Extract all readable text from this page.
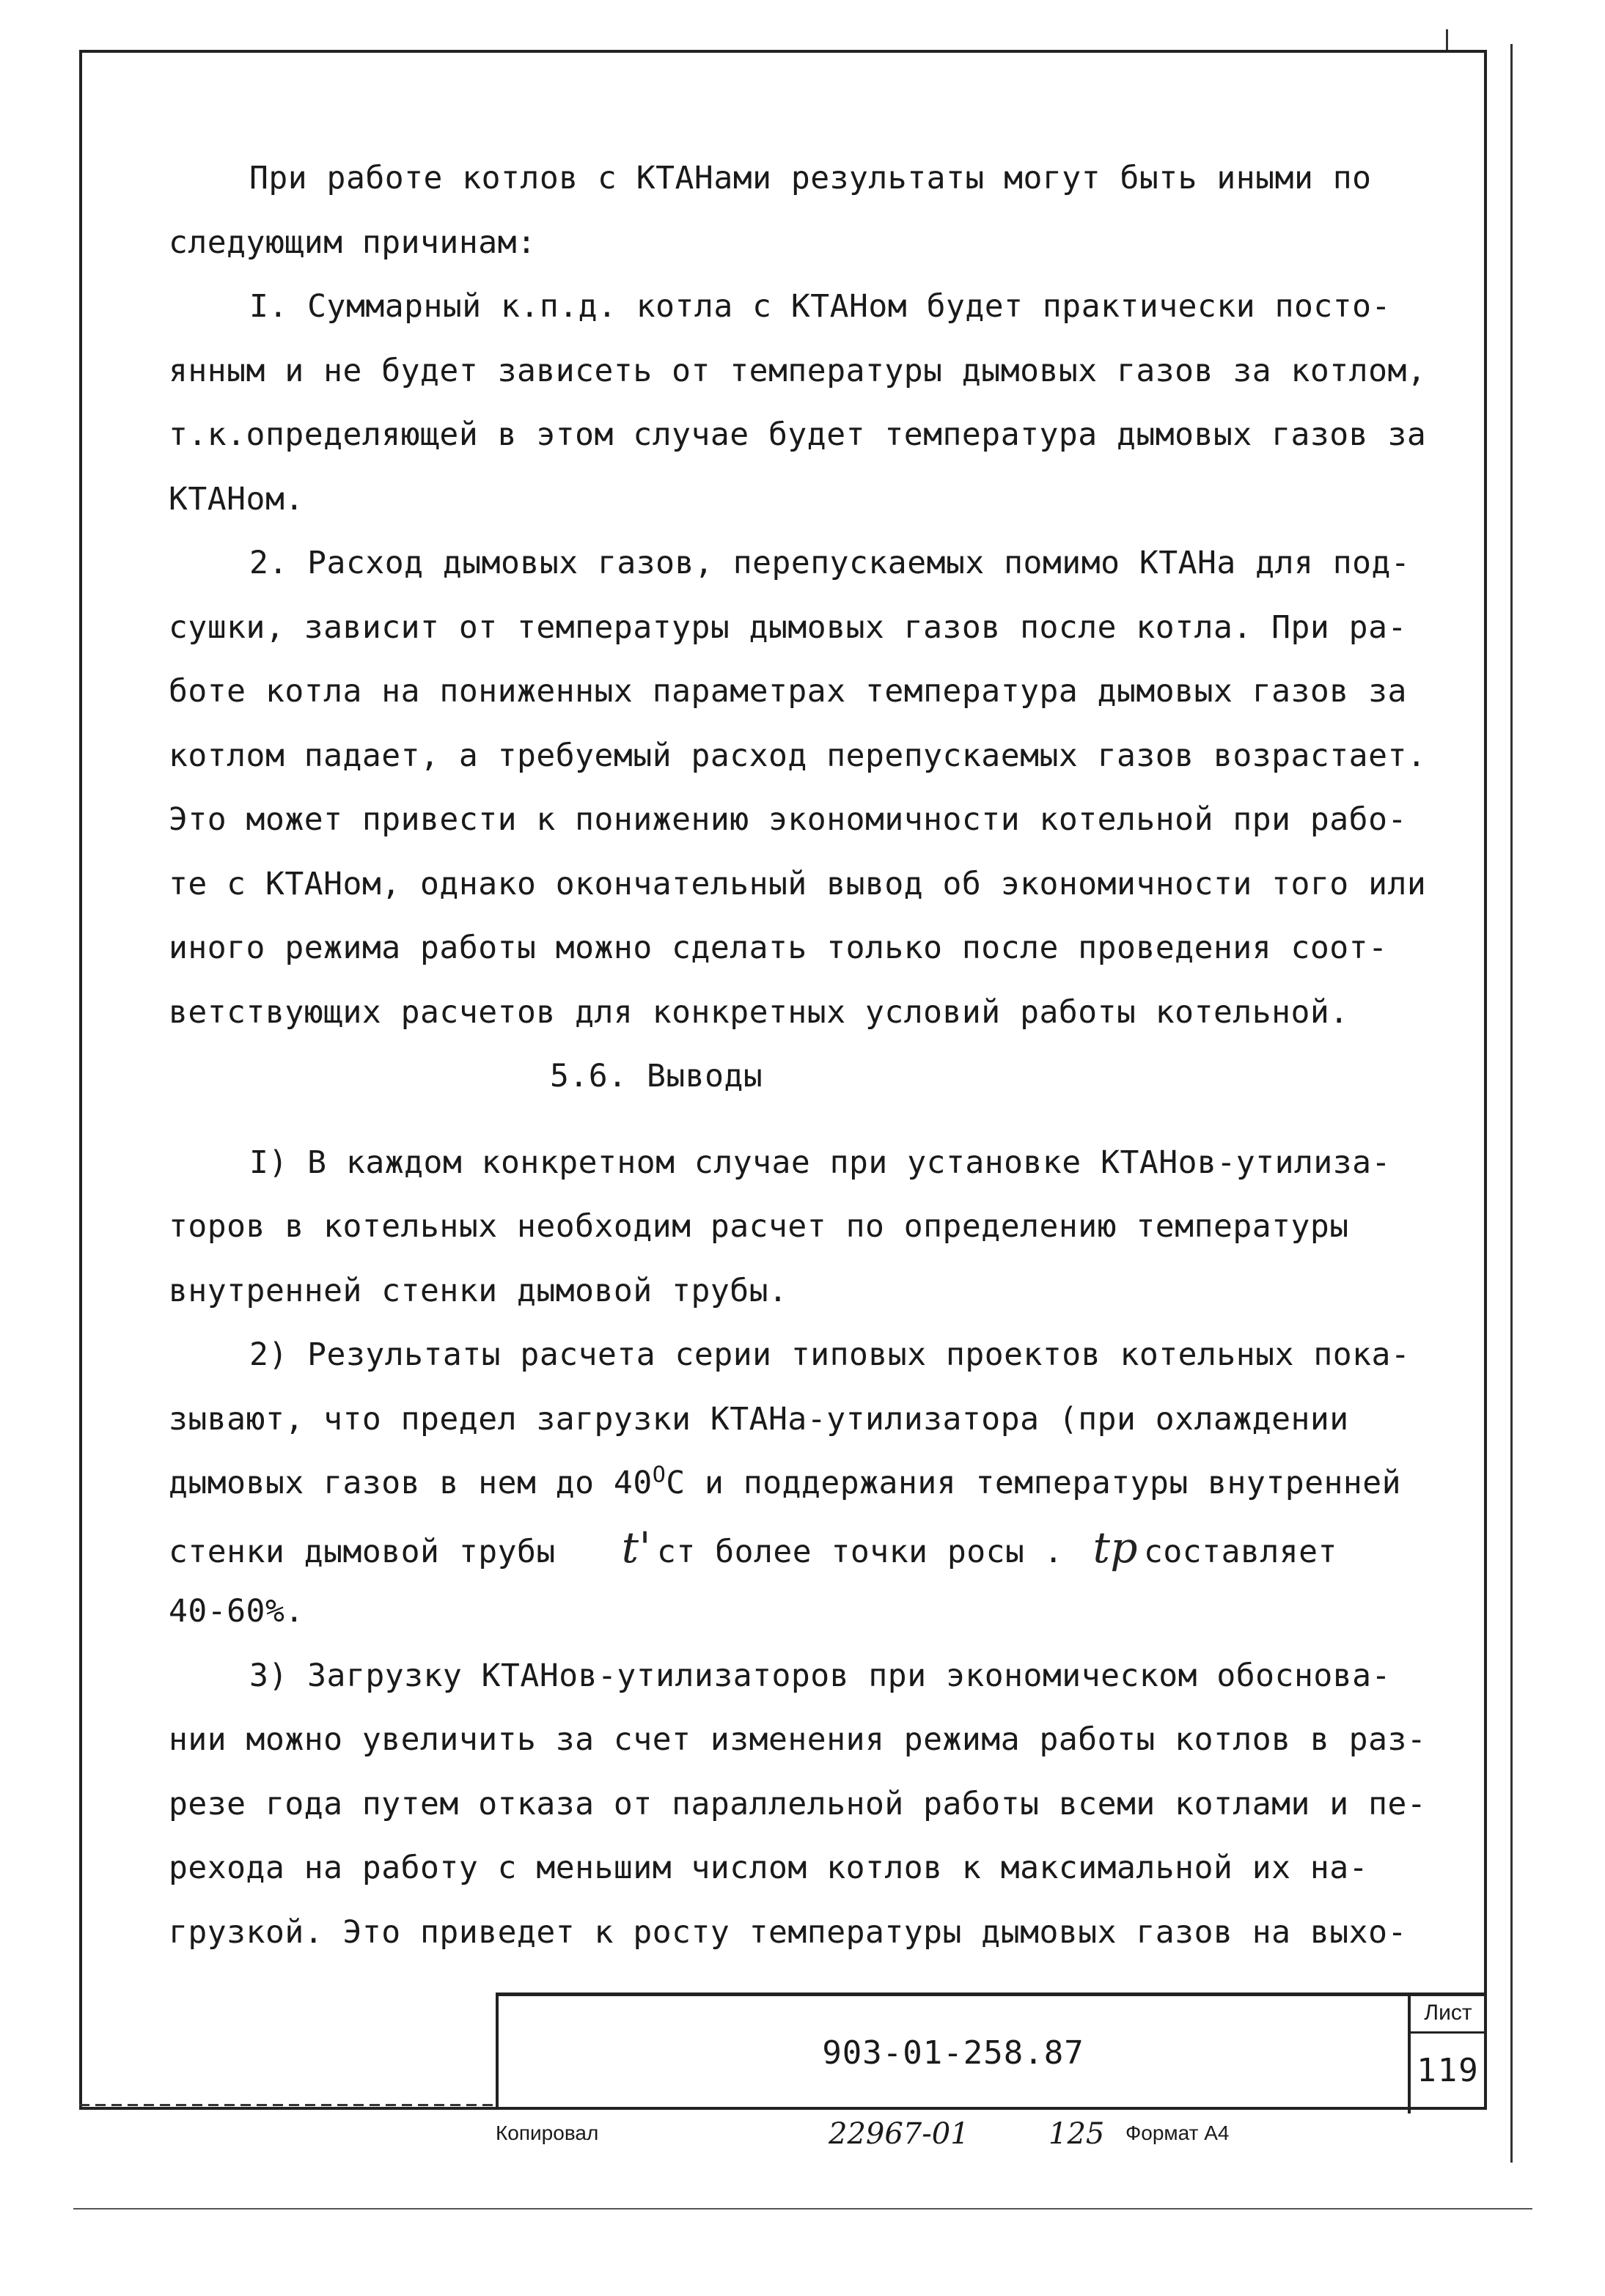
При работе котлов с КТАНами результаты могут быть иными по
следующим причинам:
I. Суммарный к.п.д. котла с КТАНом будет практически посто-
янным и не будет зависеть от температуры дымовых газов за котлом,
т.к.определяющей в этом случае будет температура дымовых газов за
КТАНом.
2. Расход дымовых газов, перепускаемых помимо КТАНа для под-
сушки, зависит от температуры дымовых газов после котла. При ра-
боте котла на пониженных параметрах температура дымовых газов за
котлом падает, а требуемый расход перепускаемых газов возрастает.
Это может привести к понижению экономичности котельной при рабо-
те с КТАНом, однако окончательный вывод об экономичности того или
иного режима работы можно сделать только после проведения соот-
ветствующих расчетов для конкретных условий работы котельной.
5.6. Выводы
I) В каждом конкретном случае при установке КТАНов-утилиза-
торов в котельных необходим расчет по определению температуры
внутренней стенки дымовой трубы.
2) Результаты расчета серии типовых проектов котельных пока-
зывают, что предел загрузки КТАНа-утилизатора (при охлаждении
дымовых газов в нем до $40^OС$ и поддержания температуры внутренней
стенки дымовой трубы t' ст более точки росы . tp составляет
40-60%.
3) Загрузку КТАНов-утилизаторов при экономическом обоснова-
нии можно увеличить за счет изменения режима работы котлов в раз-
резе года путем отказа от параллельной работы всеми котлами и пе-
рехода на работу с меньшим числом котлов к максимальной их на-
грузкой. Это приведет к росту температуры дымовых газов на выхо-
903-01-258.87
Лист
119
Копировал	22967-01	125 Формат А4
